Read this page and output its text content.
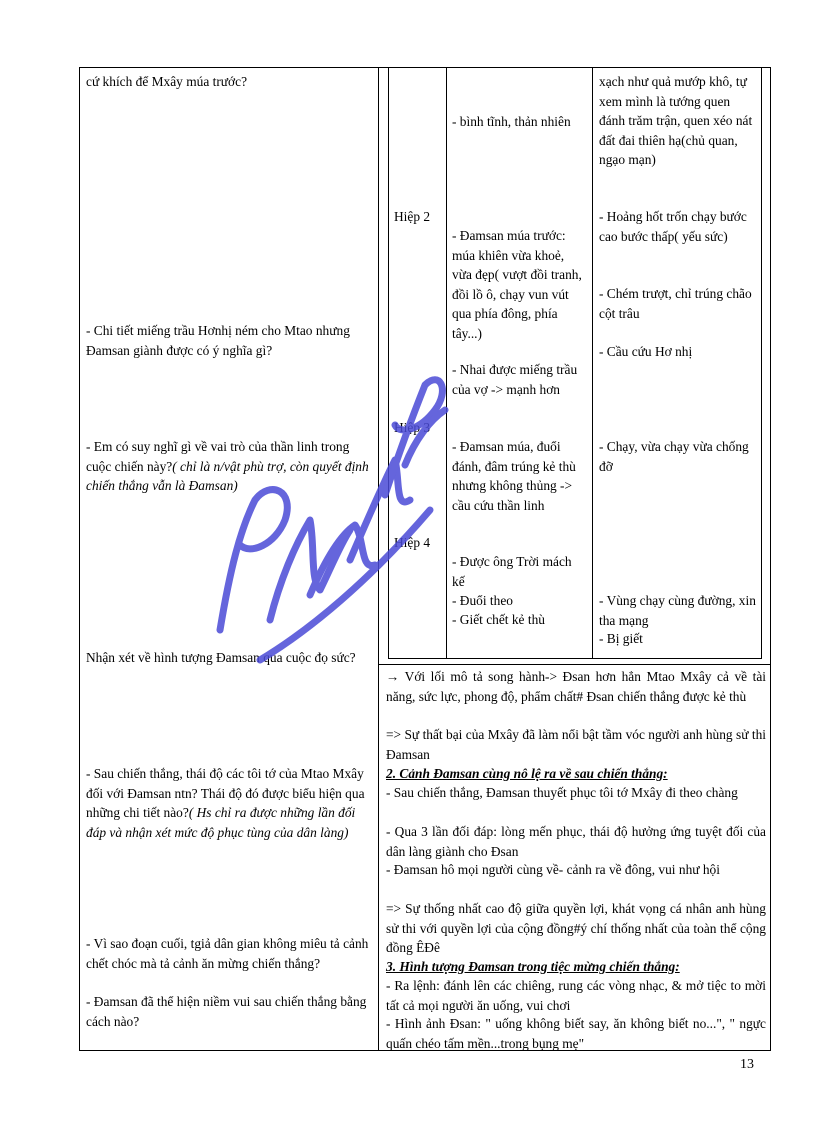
cứ khích để Mxây múa trước?
- Chi tiết miếng trầu Hơnhị ném cho Mtao nhưng Đamsan giành được có ý nghĩa gì?
- Em có suy nghĩ gì về vai trò của thần linh trong cuộc chiến này?( chỉ là n/vật phù trợ, còn quyết định chiến thắng vẫn là Đamsan)
Nhận xét về hình tượng Đamsan qua cuộc đọ sức?
- Sau chiến thắng, thái độ các tôi tớ của Mtao Mxây đối với Đamsan ntn? Thái độ đó được biểu hiện qua những chi tiết nào?( Hs chỉ ra được những lần đối đáp và nhận xét mức độ phục tùng của dân làng)
- Vì sao đoạn cuối, tgiả dân gian không miêu tả cảnh chết chóc mà tả cảnh ăn mừng chiến thắng?
- Đamsan đã thể hiện niềm vui sau chiến thắng bằng cách nào?
Hiệp 2
Hiệp 3
Hiệp 4
- bình tĩnh, thản nhiên
- Đamsan múa trước: múa khiên vừa khoẻ, vừa đẹp( vượt đồi tranh, đồi lồ ô, chạy vun vút qua phía đông, phía tây...)
- Nhai được miếng trầu của vợ -> mạnh hơn
- Đamsan múa, đuổi đánh, đâm trúng kẻ thù nhưng không thủng -> cầu cứu thần linh
- Được ông Trời mách kế
- Đuổi theo
- Giết chết kẻ thù
xạch như quả mướp khô, tự xem mình là tướng quen đánh trăm trận, quen xéo nát đất đai thiên hạ(chủ quan, ngạo mạn)
- Hoảng hốt trốn chạy bước cao bước thấp( yếu sức)
- Chém trượt, chỉ trúng chão cột trâu
- Cầu cứu Hơ nhị
- Chạy, vừa chạy vừa chống đỡ
- Vùng chạy cùng đường, xin tha mạng
- Bị giết
→ Với lối mô tả song hành-> Đsan hơn hẳn Mtao Mxây cả về tài năng, sức lực, phong độ, phẩm chất# Đsan chiến thắng được kẻ thù
=> Sự thất bại của Mxây đã làm nổi bật tầm vóc người anh hùng sử thi Đamsan
2. Cảnh Đamsan cùng nô lệ ra về sau chiến thắng:
- Sau chiến thắng, Đamsan thuyết phục tôi tớ Mxây đi theo chàng
- Qua 3 lần đối đáp: lòng mến phục, thái độ hưởng ứng tuyệt đối của dân làng giành cho Đsan
- Đamsan hô mọi người cùng về- cảnh ra về đông, vui như hội
=> Sự thống nhất cao độ giữa quyền lợi, khát vọng cá nhân anh hùng sử thi với quyền lợi của cộng đồng#ý chí thống nhất của toàn thể cộng đồng ÊĐê
3. Hình tượng Đamsan trong tiệc mừng chiến thắng:
- Ra lệnh: đánh lên các chiêng, rung các vòng nhạc, & mở tiệc to mời tất cả mọi người ăn uống, vui chơi
- Hình ảnh Đsan: " uống không biết say, ăn không biết no...", " ngực quấn chéo tấm mền...trong bụng mẹ"
13
